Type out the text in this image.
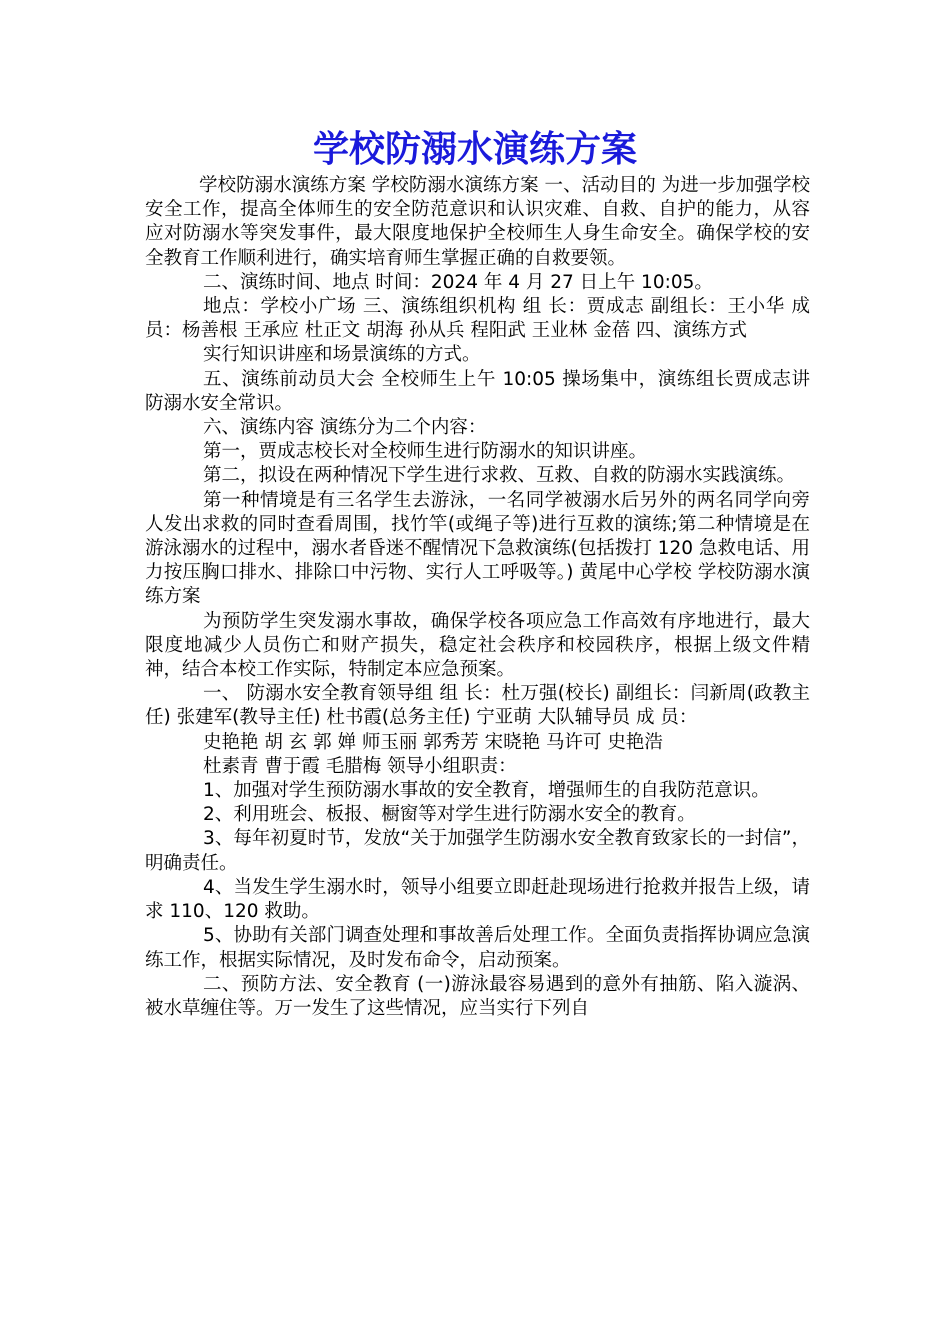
学校防溺水演练方案

学校防溺水演练方案 学校防溺水演练方案 一、活动目的 为进一步加强学校安全工作，提高全体师生的安全防范意识和认识灾难、自救、自护的能力，从容应对防溺水等突发事件，最大限度地保护全校师生人身生命安全。确保学校的安全教育工作顺利进行，确实培育师生掌握正确的自救要领。

二、演练时间、地点 时间：2024 年 4 月 27 日上午 10:05。

地点：学校小广场 三、演练组织机构 组 长：贾成志 副组长：王小华 成 员：杨善根 王承应 杜正文 胡海 孙从兵 程阳武 王业林 金蓓 四、演练方式

实行知识讲座和场景演练的方式。

五、演练前动员大会 全校师生上午 10:05 操场集中，演练组长贾成志讲防溺水安全常识。

六、演练内容 演练分为二个内容：

第一，贾成志校长对全校师生进行防溺水的知识讲座。

第二，拟设在两种情况下学生进行求救、互救、自救的防溺水实践演练。

第一种情境是有三名学生去游泳，一名同学被溺水后另外的两名同学向旁人发出求救的同时查看周围，找竹竿(或绳子等)进行互救的演练;第二种情境是在游泳溺水的过程中，溺水者昏迷不醒情况下急救演练(包括拨打 120 急救电话、用力按压胸口排水、排除口中污物、实行人工呼吸等。) 黄尾中心学校 学校防溺水演练方案

为预防学生突发溺水事故，确保学校各项应急工作高效有序地进行，最大限度地减少人员伤亡和财产损失，稳定社会秩序和校园秩序，根据上级文件精神，结合本校工作实际，特制定本应急预案。

一、 防溺水安全教育领导组 组 长：杜万强(校长) 副组长：闫新周(政教主任) 张建军(教导主任) 杜书霞(总务主任) 宁亚萌 大队辅导员 成 员：

史艳艳 胡 玄 郭 婵 师玉丽 郭秀芳 宋晓艳 马许可 史艳浩

杜素青 曹于霞 毛腊梅 领导小组职责：

1、加强对学生预防溺水事故的安全教育，增强师生的自我防范意识。

2、利用班会、板报、橱窗等对学生进行防溺水安全的教育。

3、每年初夏时节，发放“关于加强学生防溺水安全教育致家长的一封信”，明确责任。

4、当发生学生溺水时，领导小组要立即赶赴现场进行抢救并报告上级，请求 110、120 救助。

5、协助有关部门调查处理和事故善后处理工作。全面负责指挥协调应急演练工作，根据实际情况，及时发布命令，启动预案。

二、预防方法、安全教育 (一)游泳最容易遇到的意外有抽筋、陷入漩涡、被水草缠住等。万一发生了这些情况，应当实行下列自
